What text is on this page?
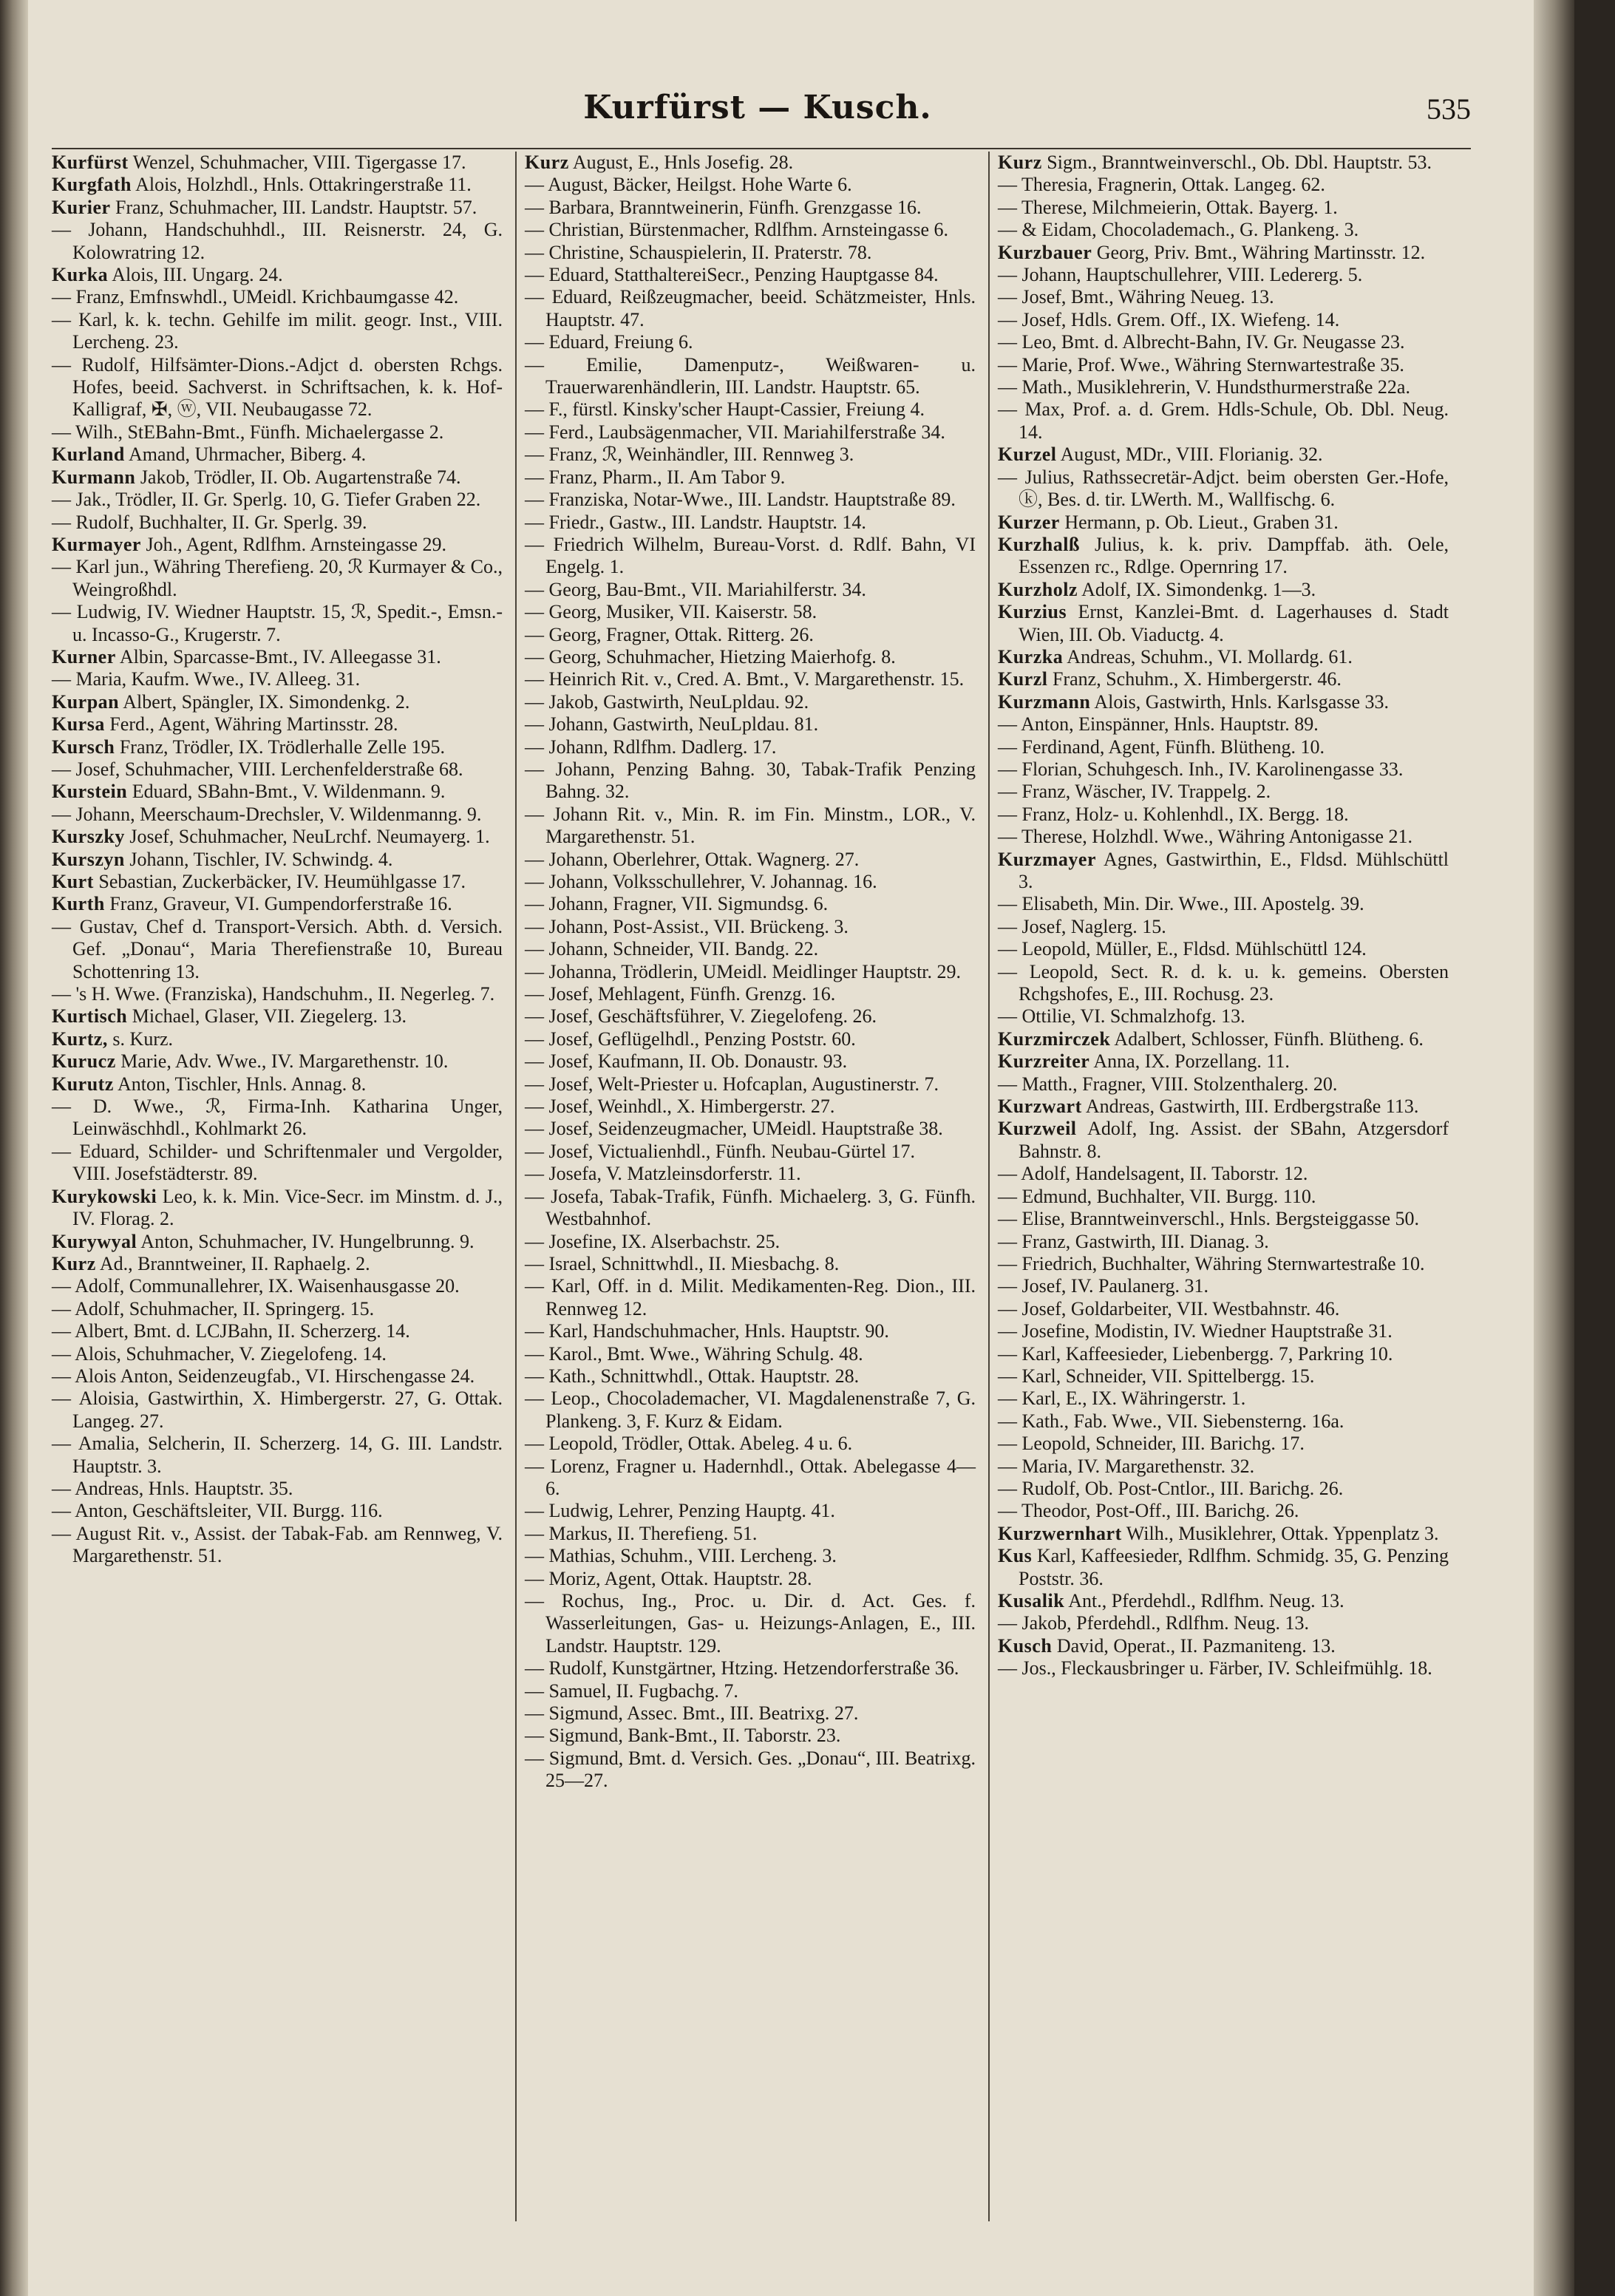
Kurfürst — Kusch.	535
Kurfürst Wenzel, Schuhmacher, VIII. Tigergasse 17.
Kurgfath Alois, Holzhdl., Hnls. Ottakringerstraße 11.
Kurier Franz, Schuhmacher, III. Landstr. Hauptstr. 57.
— Johann, Handschuhhdl., III. Reisnerstr. 24, G. Kolowratring 12.
Kurka Alois, III. Ungarg. 24.
— Franz, Emfnswhdl., UMeidl. Krichbaumgasse 42.
— Karl, k. k. techn. Gehilfe im milit. geogr. Inst., VIII. Lercheng. 23.
— Rudolf, Hilfsämter-Dions.-Adjct d. obersten Rchgs. Hofes, beeid. Sachverst. in Schriftsachen, k. k. Hof-Kalligraf, ✠, ⓦ, VII. Neubaugasse 72.
— Wilh., StEBahn-Bmt., Fünfh. Michaelergasse 2.
Kurland Amand, Uhrmacher, Biberg. 4.
Kurmann Jakob, Trödler, II. Ob. Augartenstraße 74.
— Jak., Trödler, II. Gr. Sperlg. 10, G. Tiefer Graben 22.
— Rudolf, Buchhalter, II. Gr. Sperlg. 39.
Kurmayer Joh., Agent, Rdlfhm. Arnsteingasse 29.
— Karl jun., Währing Therefieng. 20, ℛ Kurmayer & Co., Weingroßhdl.
— Ludwig, IV. Wiedner Hauptstr. 15, ℛ, Spedit.-, Emsn.- u. Incasso-G., Krugerstr. 7.
Kurner Albin, Sparcasse-Bmt., IV. Alleegasse 31.
— Maria, Kaufm. Wwe., IV. Alleeg. 31.
Kurpan Albert, Spängler, IX. Simondenkg. 2.
Kursa Ferd., Agent, Währing Martinsstr. 28.
Kursch Franz, Trödler, IX. Trödlerhalle Zelle 195.
— Josef, Schuhmacher, VIII. Lerchenfelderstraße 68.
Kurstein Eduard, SBahn-Bmt., V. Wildenmann. 9.
— Johann, Meerschaum-Drechsler, V. Wildenmanng. 9.
Kurszky Josef, Schuhmacher, NeuLrchf. Neumayerg. 1.
Kurszyn Johann, Tischler, IV. Schwindg. 4.
Kurt Sebastian, Zuckerbäcker, IV. Heumühlgasse 17.
Kurth Franz, Graveur, VI. Gumpendorferstraße 16.
— Gustav, Chef d. Transport-Versich. Abth. d. Versich. Gef. „Donau“, Maria Therefienstraße 10, Bureau Schottenring 13.
— 's H. Wwe. (Franziska), Handschuhm., II. Negerleg. 7.
Kurtisch Michael, Glaser, VII. Ziegelerg. 13.
Kurtz, s. Kurz.
Kurucz Marie, Adv. Wwe., IV. Margarethenstr. 10.
Kurutz Anton, Tischler, Hnls. Annag. 8.
— D. Wwe., ℛ, Firma-Inh. Katharina Unger, Leinwäschhdl., Kohlmarkt 26.
— Eduard, Schilder- und Schriftenmaler und Vergolder, VIII. Josefstädterstr. 89.
Kurykowski Leo, k. k. Min. Vice-Secr. im Minstm. d. J., IV. Florag. 2.
Kurywyal Anton, Schuhmacher, IV. Hungelbrunng. 9.
Kurz Ad., Branntweiner, II. Raphaelg. 2.
— Adolf, Communallehrer, IX. Waisenhausgasse 20.
— Adolf, Schuhmacher, II. Springerg. 15.
— Albert, Bmt. d. LCJBahn, II. Scherzerg. 14.
— Alois, Schuhmacher, V. Ziegelofeng. 14.
— Alois Anton, Seidenzeugfab., VI. Hirschengasse 24.
— Aloisia, Gastwirthin, X. Himbergerstr. 27, G. Ottak. Langeg. 27.
— Amalia, Selcherin, II. Scherzerg. 14, G. III. Landstr. Hauptstr. 3.
— Andreas, Hnls. Hauptstr. 35.
— Anton, Geschäftsleiter, VII. Burgg. 116.
— August Rit. v., Assist. der Tabak-Fab. am Rennweg, V. Margarethenstr. 51.
Kurz August, E., Hnls Josefig. 28.
— August, Bäcker, Heilgst. Hohe Warte 6.
— Barbara, Branntweinerin, Fünfh. Grenzgasse 16.
— Christian, Bürstenmacher, Rdlfhm. Arnsteingasse 6.
— Christine, Schauspielerin, II. Praterstr. 78.
— Eduard, StatthaltereiSecr., Penzing Hauptgasse 84.
— Eduard, Reißzeugmacher, beeid. Schätzmeister, Hnls. Hauptstr. 47.
— Eduard, Freiung 6.
— Emilie, Damenputz-, Weißwaren- u. Trauerwarenhändlerin, III. Landstr. Hauptstr. 65.
— F., fürstl. Kinsky'scher Haupt-Cassier, Freiung 4.
— Ferd., Laubsägenmacher, VII. Mariahilferstraße 34.
— Franz, ℛ, Weinhändler, III. Rennweg 3.
— Franz, Pharm., II. Am Tabor 9.
— Franziska, Notar-Wwe., III. Landstr. Hauptstraße 89.
— Friedr., Gastw., III. Landstr. Hauptstr. 14.
— Friedrich Wilhelm, Bureau-Vorst. d. Rdlf. Bahn, VI Engelg. 1.
— Georg, Bau-Bmt., VII. Mariahilferstr. 34.
— Georg, Musiker, VII. Kaiserstr. 58.
— Georg, Fragner, Ottak. Ritterg. 26.
— Georg, Schuhmacher, Hietzing Maierhofg. 8.
— Heinrich Rit. v., Cred. A. Bmt., V. Margarethenstr. 15.
— Jakob, Gastwirth, NeuLpldau. 92.
— Johann, Gastwirth, NeuLpldau. 81.
— Johann, Rdlfhm. Dadlerg. 17.
— Johann, Penzing Bahng. 30, Tabak-Trafik Penzing Bahng. 32.
— Johann Rit. v., Min. R. im Fin. Minstm., LOR., V. Margarethenstr. 51.
— Johann, Oberlehrer, Ottak. Wagnerg. 27.
— Johann, Volksschullehrer, V. Johannag. 16.
— Johann, Fragner, VII. Sigmundsg. 6.
— Johann, Post-Assist., VII. Brückeng. 3.
— Johann, Schneider, VII. Bandg. 22.
— Johanna, Trödlerin, UMeidl. Meidlinger Hauptstr. 29.
— Josef, Mehlagent, Fünfh. Grenzg. 16.
— Josef, Geschäftsführer, V. Ziegelofeng. 26.
— Josef, Geflügelhdl., Penzing Poststr. 60.
— Josef, Kaufmann, II. Ob. Donaustr. 93.
— Josef, Welt-Priester u. Hofcaplan, Augustinerstr. 7.
— Josef, Weinhdl., X. Himbergerstr. 27.
— Josef, Seidenzeugmacher, UMeidl. Hauptstraße 38.
— Josef, Victualienhdl., Fünfh. Neubau-Gürtel 17.
— Josefa, V. Matzleinsdorferstr. 11.
— Josefa, Tabak-Trafik, Fünfh. Michaelerg. 3, G. Fünfh. Westbahnhof.
— Josefine, IX. Alserbachstr. 25.
— Israel, Schnittwhdl., II. Miesbachg. 8.
— Karl, Off. in d. Milit. Medikamenten-Reg. Dion., III. Rennweg 12.
— Karl, Handschuhmacher, Hnls. Hauptstr. 90.
— Karol., Bmt. Wwe., Währing Schulg. 48.
— Kath., Schnittwhdl., Ottak. Hauptstr. 28.
— Leop., Chocolademacher, VI. Magdalenenstraße 7, G. Plankeng. 3, F. Kurz & Eidam.
— Leopold, Trödler, Ottak. Abeleg. 4 u. 6.
— Lorenz, Fragner u. Hadernhdl., Ottak. Abelegasse 4—6.
— Ludwig, Lehrer, Penzing Hauptg. 41.
— Markus, II. Therefieng. 51.
— Mathias, Schuhm., VIII. Lercheng. 3.
— Moriz, Agent, Ottak. Hauptstr. 28.
— Rochus, Ing., Proc. u. Dir. d. Act. Ges. f. Wasserleitungen, Gas- u. Heizungs-Anlagen, E., III. Landstr. Hauptstr. 129.
— Rudolf, Kunstgärtner, Htzing. Hetzendorferstraße 36.
— Samuel, II. Fugbachg. 7.
— Sigmund, Assec. Bmt., III. Beatrixg. 27.
— Sigmund, Bank-Bmt., II. Taborstr. 23.
— Sigmund, Bmt. d. Versich. Ges. „Donau“, III. Beatrixg. 25—27.
Kurz Sigm., Branntweinverschl., Ob. Dbl. Hauptstr. 53.
— Theresia, Fragnerin, Ottak. Langeg. 62.
— Therese, Milchmeierin, Ottak. Bayerg. 1.
— & Eidam, Chocolademach., G. Plankeng. 3.
Kurzbauer Georg, Priv. Bmt., Währing Martinsstr. 12.
— Johann, Hauptschullehrer, VIII. Ledererg. 5.
— Josef, Bmt., Währing Neueg. 13.
— Josef, Hdls. Grem. Off., IX. Wiefeng. 14.
— Leo, Bmt. d. Albrecht-Bahn, IV. Gr. Neugasse 23.
— Marie, Prof. Wwe., Währing Sternwartestraße 35.
— Math., Musiklehrerin, V. Hundsthurmerstraße 22a.
— Max, Prof. a. d. Grem. Hdls-Schule, Ob. Dbl. Neug. 14.
Kurzel August, MDr., VIII. Florianig. 32.
— Julius, Rathssecretär-Adjct. beim obersten Ger.-Hofe, ⓚ, Bes. d. tir. LWerth. M., Wallfischg. 6.
Kurzer Hermann, p. Ob. Lieut., Graben 31.
Kurzhalß Julius, k. k. priv. Dampffab. äth. Oele, Essenzen rc., Rdlge. Opernring 17.
Kurzholz Adolf, IX. Simondenkg. 1—3.
Kurzius Ernst, Kanzlei-Bmt. d. Lagerhauses d. Stadt Wien, III. Ob. Viaductg. 4.
Kurzka Andreas, Schuhm., VI. Mollardg. 61.
Kurzl Franz, Schuhm., X. Himbergerstr. 46.
Kurzmann Alois, Gastwirth, Hnls. Karlsgasse 33.
— Anton, Einspänner, Hnls. Hauptstr. 89.
— Ferdinand, Agent, Fünfh. Blütheng. 10.
— Florian, Schuhgesch. Inh., IV. Karolinengasse 33.
— Franz, Wäscher, IV. Trappelg. 2.
— Franz, Holz- u. Kohlenhdl., IX. Bergg. 18.
— Therese, Holzhdl. Wwe., Währing Antonigasse 21.
Kurzmayer Agnes, Gastwirthin, E., Fldsd. Mühlschüttl 3.
— Elisabeth, Min. Dir. Wwe., III. Apostelg. 39.
— Josef, Naglerg. 15.
— Leopold, Müller, E., Fldsd. Mühlschüttl 124.
— Leopold, Sect. R. d. k. u. k. gemeins. Obersten Rchgshofes, E., III. Rochusg. 23.
— Ottilie, VI. Schmalzhofg. 13.
Kurzmirczek Adalbert, Schlosser, Fünfh. Blütheng. 6.
Kurzreiter Anna, IX. Porzellang. 11.
— Matth., Fragner, VIII. Stolzenthalerg. 20.
Kurzwart Andreas, Gastwirth, III. Erdbergstraße 113.
Kurzweil Adolf, Ing. Assist. der SBahn, Atzgersdorf Bahnstr. 8.
— Adolf, Handelsagent, II. Taborstr. 12.
— Edmund, Buchhalter, VII. Burgg. 110.
— Elise, Branntweinverschl., Hnls. Bergsteiggasse 50.
— Franz, Gastwirth, III. Dianag. 3.
— Friedrich, Buchhalter, Währing Sternwartestraße 10.
— Josef, IV. Paulanerg. 31.
— Josef, Goldarbeiter, VII. Westbahnstr. 46.
— Josefine, Modistin, IV. Wiedner Hauptstraße 31.
— Karl, Kaffeesieder, Liebenbergg. 7, Parkring 10.
— Karl, Schneider, VII. Spittelbergg. 15.
— Karl, E., IX. Währingerstr. 1.
— Kath., Fab. Wwe., VII. Siebensterng. 16a.
— Leopold, Schneider, III. Barichg. 17.
— Maria, IV. Margarethenstr. 32.
— Rudolf, Ob. Post-Cntlor., III. Barichg. 26.
— Theodor, Post-Off., III. Barichg. 26.
Kurzwernhart Wilh., Musiklehrer, Ottak. Yppenplatz 3.
Kus Karl, Kaffeesieder, Rdlfhm. Schmidg. 35, G. Penzing Poststr. 36.
Kusalik Ant., Pferdehdl., Rdlfhm. Neug. 13.
— Jakob, Pferdehdl., Rdlfhm. Neug. 13.
Kusch David, Operat., II. Pazmaniteng. 13.
— Jos., Fleckausbringer u. Färber, IV. Schleifmühlg. 18.
